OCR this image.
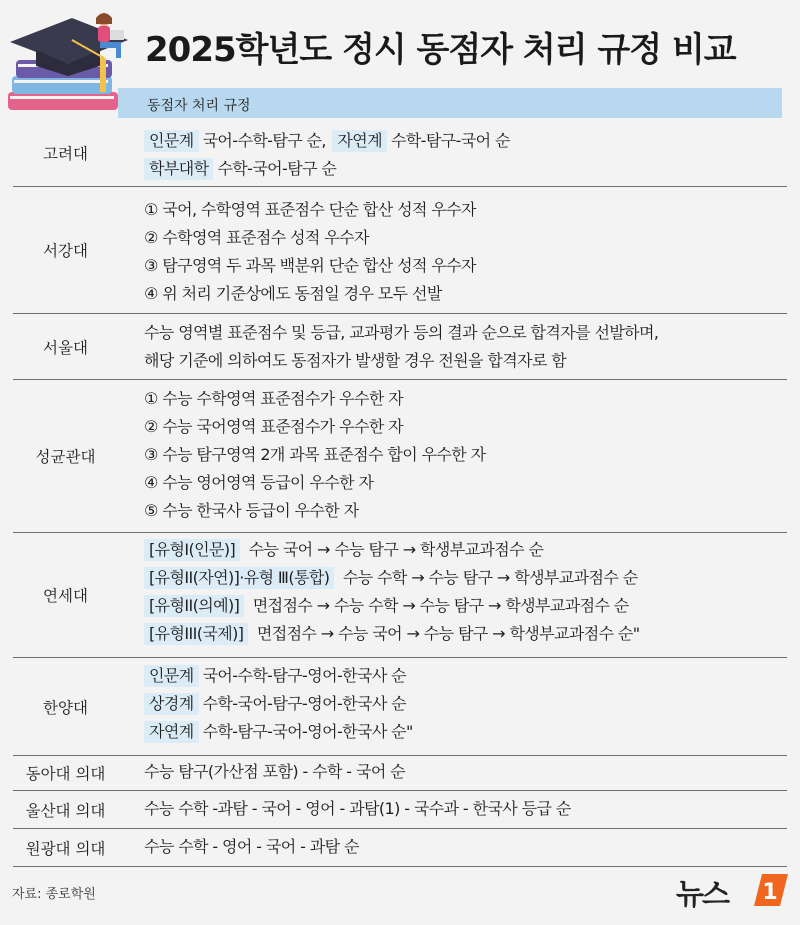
2025학년도 정시 동점자 처리 규정 비교
동점자 처리 규정
고려대
인문계 국어-수학-탐구 순, 자연계 수학-탐구-국어 순
학부대학 수학-국어-탐구 순
서강대
① 국어, 수학영역 표준점수 단순 합산 성적 우수자
② 수학영역 표준점수 성적 우수자
③ 탐구영역 두 과목 백분위 단순 합산 성적 우수자
④ 위 처리 기준상에도 동점일 경우 모두 선발
서울대
수능 영역별 표준점수 및 등급, 교과평가 등의 결과 순으로 합격자를 선발하며,
해당 기준에 의하여도 동점자가 발생할 경우 전원을 합격자로 함
성균관대
① 수능 수학영역 표준점수가 우수한 자
② 수능 국어영역 표준점수가 우수한 자
③ 수능 탐구영역 2개 과목 표준점수 합이 우수한 자
④ 수능 영어영역 등급이 우수한 자
⑤ 수능 한국사 등급이 우수한 자
연세대
[유형I(인문)] 수능 국어 → 수능 탐구 → 학생부교과점수 순
[유형II(자연)]·유형 Ⅲ(통합) 수능 수학 → 수능 탐구 → 학생부교과점수 순
[유형II(의예)] 면접점수 → 수능 수학 → 수능 탐구 → 학생부교과점수 순
[유형III(국제)] 면접점수 → 수능 국어 → 수능 탐구 → 학생부교과점수 순"
한양대
인문계 국어-수학-탐구-영어-한국사 순
상경계 수학-국어-탐구-영어-한국사 순
자연계 수학-탐구-국어-영어-한국사 순"
동아대 의대	수능 탐구(가산점 포함) - 수학 - 국어 순
울산대 의대	수능 수학 -과탐 - 국어 - 영어 - 과탐(1) - 국수과 - 한국사 등급 순
원광대 의대	수능 수학 - 영어 - 국어 - 과탐 순
자료: 종로학원	뉴스 1
